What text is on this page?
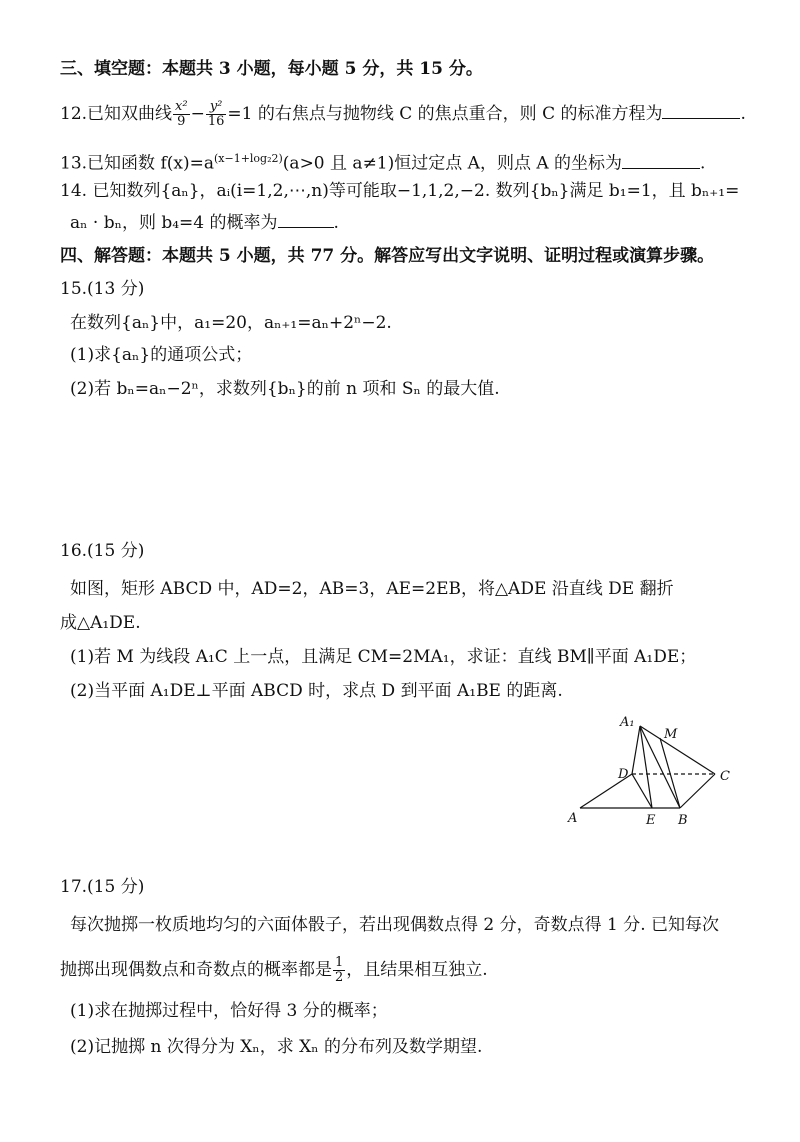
三、填空题：本题共 3 小题，每小题 5 分，共 15 分。
12.已知双曲线 $\frac{\text{x²}}{9} - \frac{\text{y²}}{16} =1$ 的右焦点与抛物线 C 的焦点重合，则 C 的标准方程为	.
13.已知函数 $f(x)=a^{(x-1+log_22)}(a>0$ 且 a≠1)恒过定点 A，则点 A 的坐标为	.
14. 已知数列{aₙ}，aᵢ(i=1,2,⋯,n)等可能取−1,1,2,−2. 数列{bₙ}满足 b₁=1，且 bₙ₊₁=
aₙ · bₙ，则 b₄=4 的概率为	.
四、解答题：本题共 5 小题，共 77 分。解答应写出文字说明、证明过程或演算步骤。
15.(13 分)
在数列{aₙ}中，a₁=20，aₙ₊₁=aₙ+2ⁿ−2.
(1)求{aₙ}的通项公式；
(2)若 bₙ=aₙ−2ⁿ，求数列{bₙ}的前 n 项和 Sₙ 的最大值.
16.(15 分)
如图，矩形 ABCD 中，AD=2，AB=3，AE=2EB，将△ADE 沿直线 DE 翻折
成△A₁DE.
(1)若 M 为线段 A₁C 上一点，且满足 CM=2MA₁，求证：直线 BM∥平面 A₁DE；
(2)当平面 A₁DE⊥平面 ABCD 时，求点 D 到平面 A₁BE 的距离.
A₁
M
D	C
A	E B
17.(15 分)
每次抛掷一枚质地均匀的六面体骰子，若出现偶数点得 2 分，奇数点得 1 分. 已知每次
抛掷出现偶数点和奇数点的概率都是 $\frac{1}{2}$ ，且结果相互独立.
(1)求在抛掷过程中，恰好得 3 分的概率；
(2)记抛掷 n 次得分为 Xₙ，求 Xₙ 的分布列及数学期望.
